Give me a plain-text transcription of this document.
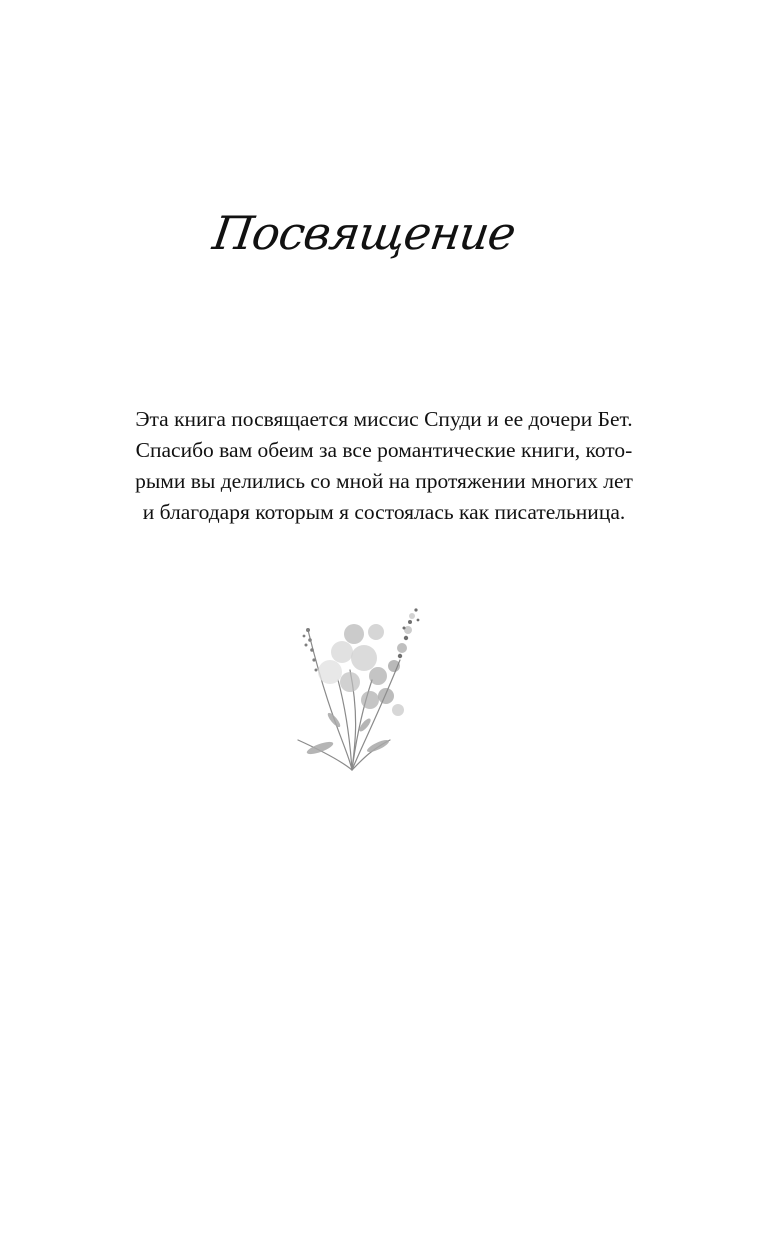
Посвящение
Эта книга посвящается миссис Спуди и ее дочери Бет.
Спасибо вам обеим за все романтические книги, кото-
рыми вы делились со мной на протяжении многих лет
и благодаря которым я состоялась как писательница.
